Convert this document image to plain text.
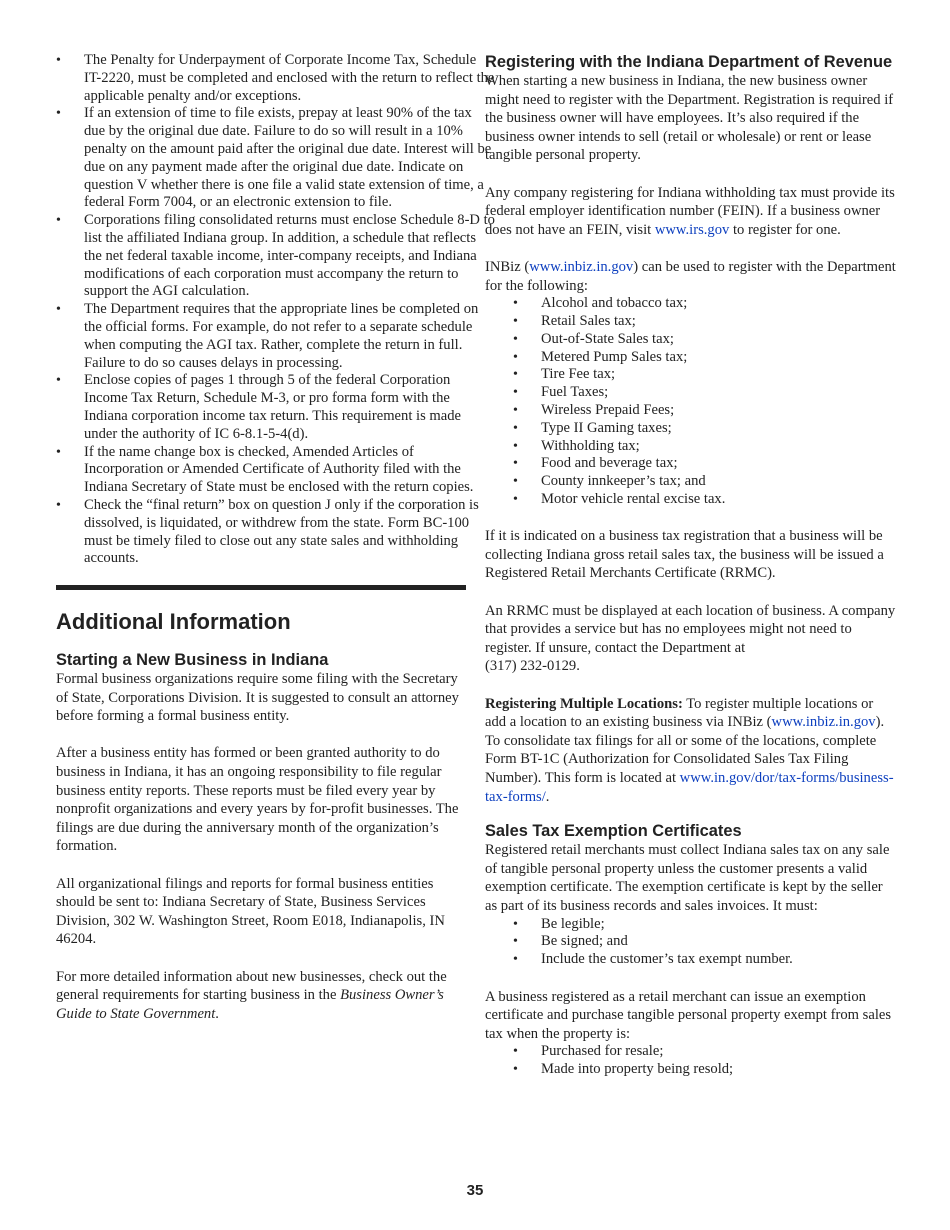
• The Penalty for Underpayment of Corporate Income Tax, Schedule IT-2220, must be completed and enclosed with the return to reflect the applicable penalty and/or exceptions.
• If an extension of time to file exists, prepay at least 90% of the tax due by the original due date. Failure to do so will result in a 10% penalty on the amount paid after the original due date. Interest will be due on any payment made after the original due date. Indicate on question V whether there is one file a valid state extension of time, a federal Form 7004, or an electronic extension to file.
• Corporations filing consolidated returns must enclose Schedule 8-D to list the affiliated Indiana group. In addition, a schedule that reflects the net federal taxable income, inter-company receipts, and Indiana modifications of each corporation must accompany the return to support the AGI calculation.
• The Department requires that the appropriate lines be completed on the official forms. For example, do not refer to a separate schedule when computing the AGI tax. Rather, complete the return in full. Failure to do so causes delays in processing.
• Enclose copies of pages 1 through 5 of the federal Corporation Income Tax Return, Schedule M-3, or pro forma form with the Indiana corporation income tax return. This requirement is made under the authority of IC 6-8.1-5-4(d).
• If the name change box is checked, Amended Articles of Incorporation or Amended Certificate of Authority filed with the Indiana Secretary of State must be enclosed with the return copies.
• Check the “final return” box on question J only if the corporation is dissolved, is liquidated, or withdrew from the state. Form BC-100 must be timely filed to close out any state sales and withholding accounts.
Additional Information
Starting a New Business in Indiana

Formal business organizations require some filing with the Secretary of State, Corporations Division. It is suggested to consult an attorney before forming a formal business entity.

After a business entity has formed or been granted authority to do business in Indiana, it has an ongoing responsibility to file regular business entity reports. These reports must be filed every year by nonprofit organizations and every years by for-profit businesses. The filings are due during the anniversary month of the organization’s formation.

All organizational filings and reports for formal business entities should be sent to: Indiana Secretary of State, Business Services Division, 302 W. Washington Street, Room E018, Indianapolis, IN 46204.

For more detailed information about new businesses, check out the general requirements for starting business in the Business Owner’s Guide to State Government.

Registering with the Indiana Department of Revenue

When starting a new business in Indiana, the new business owner might need to register with the Department. Registration is required if the business owner will have employees. It’s also required if the business owner intends to sell (retail or wholesale) or rent or lease tangible personal property.

Any company registering for Indiana withholding tax must provide its federal employer identification number (FEIN). If a business owner does not have an FEIN, visit www.irs.gov to register for one.

INBiz (www.inbiz.in.gov) can be used to register with the Department for the following:

• Alcohol and tobacco tax;
• Retail Sales tax;
• Out-of-State Sales tax;
• Metered Pump Sales tax;
• Tire Fee tax;
• Fuel Taxes;
• Wireless Prepaid Fees;
• Type II Gaming taxes;
• Withholding tax;
• Food and beverage tax;
• County innkeeper’s tax; and
• Motor vehicle rental excise tax.

If it is indicated on a business tax registration that a business will be collecting Indiana gross retail sales tax, the business will be issued a Registered Retail Merchants Certificate (RRMC).

An RRMC must be displayed at each location of business. A company that provides a service but has no employees might not need to register. If unsure, contact the Department at
(317) 232-0129.

Registering Multiple Locations: To register multiple locations or add a location to an existing business via INBiz (www.inbiz.in.gov). To consolidate tax filings for all or some of the locations, complete Form BT-1C (Authorization for Consolidated Sales Tax Filing Number). This form is located at www.in.gov/dor/tax-forms/business-tax-forms/.

Sales Tax Exemption Certificates

Registered retail merchants must collect Indiana sales tax on any sale of tangible personal property unless the customer presents a valid exemption certificate. The exemption certificate is kept by the seller as part of its business records and sales invoices. It must:

• Be legible;
• Be signed; and
• Include the customer’s tax exempt number.

A business registered as a retail merchant can issue an exemption certificate and purchase tangible personal property exempt from sales tax when the property is:

• Purchased for resale;
• Made into property being resold;
35
